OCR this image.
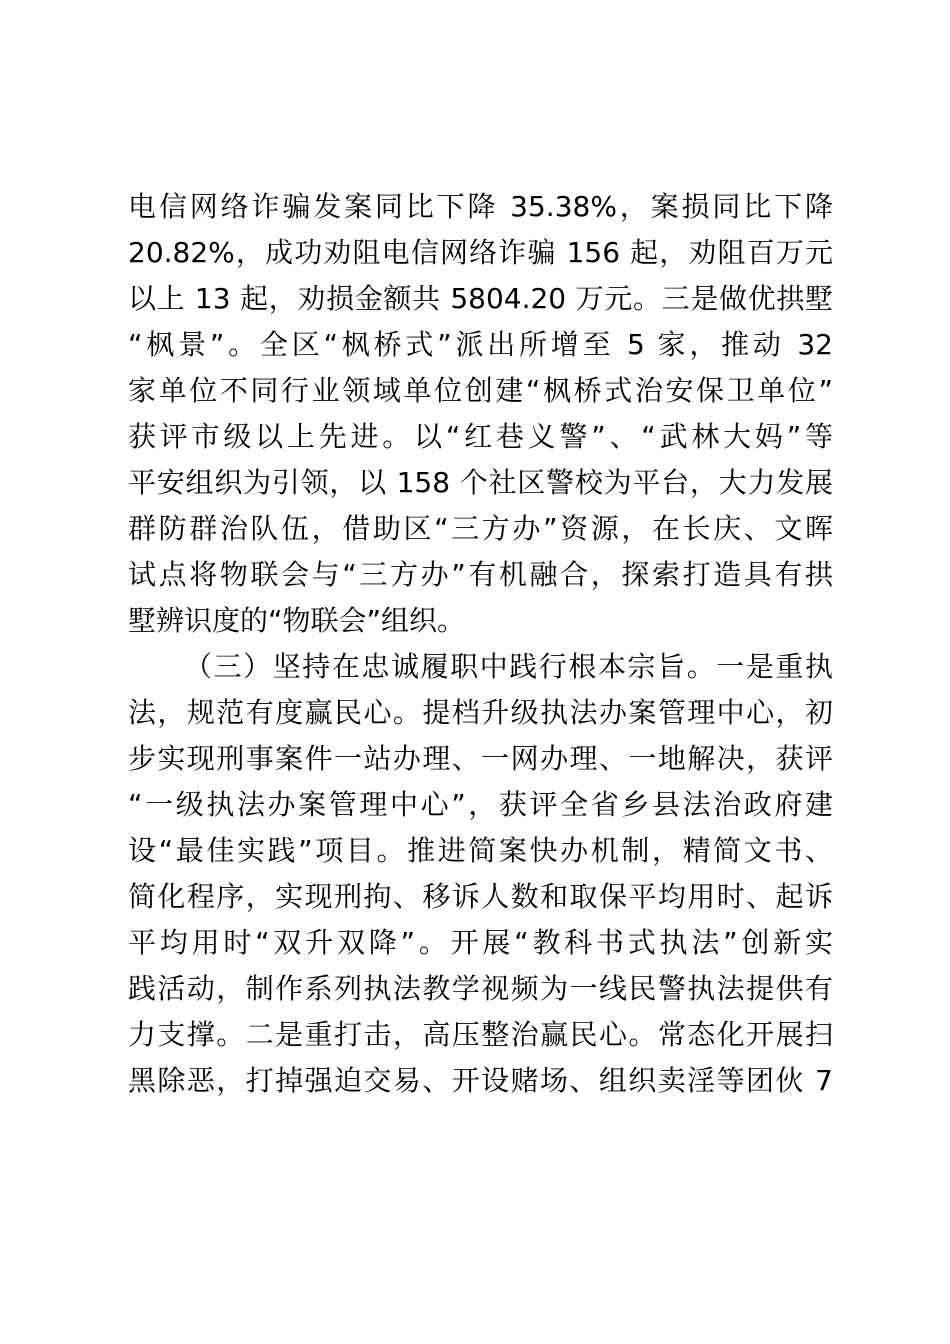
电信网络诈骗发案同比下降 35.38%，案损同比下降
20.82%，成功劝阻电信网络诈骗 156 起，劝阻百万元
以上 13 起，劝损金额共 5804.20 万元。三是做优拱墅
“枫景”。全区“枫桥式”派出所增至 5 家，推动 32
家单位不同行业领域单位创建“枫桥式治安保卫单位”
获评市级以上先进。以“红巷义警”、“武林大妈”等
平安组织为引领，以 158 个社区警校为平台，大力发展
群防群治队伍，借助区“三方办”资源，在长庆、文晖
试点将物联会与“三方办”有机融合，探索打造具有拱
墅辨识度的“物联会”组织。
（三）坚持在忠诚履职中践行根本宗旨。一是重执
法，规范有度赢民心。提档升级执法办案管理中心，初
步实现刑事案件一站办理、一网办理、一地解决，获评
“一级执法办案管理中心”，获评全省乡县法治政府建
设“最佳实践”项目。推进简案快办机制，精简文书、
简化程序，实现刑拘、移诉人数和取保平均用时、起诉
平均用时“双升双降”。开展“教科书式执法”创新实
践活动，制作系列执法教学视频为一线民警执法提供有
力支撑。二是重打击，高压整治赢民心。常态化开展扫
黑除恶，打掉强迫交易、开设赌场、组织卖淫等团伙 7
